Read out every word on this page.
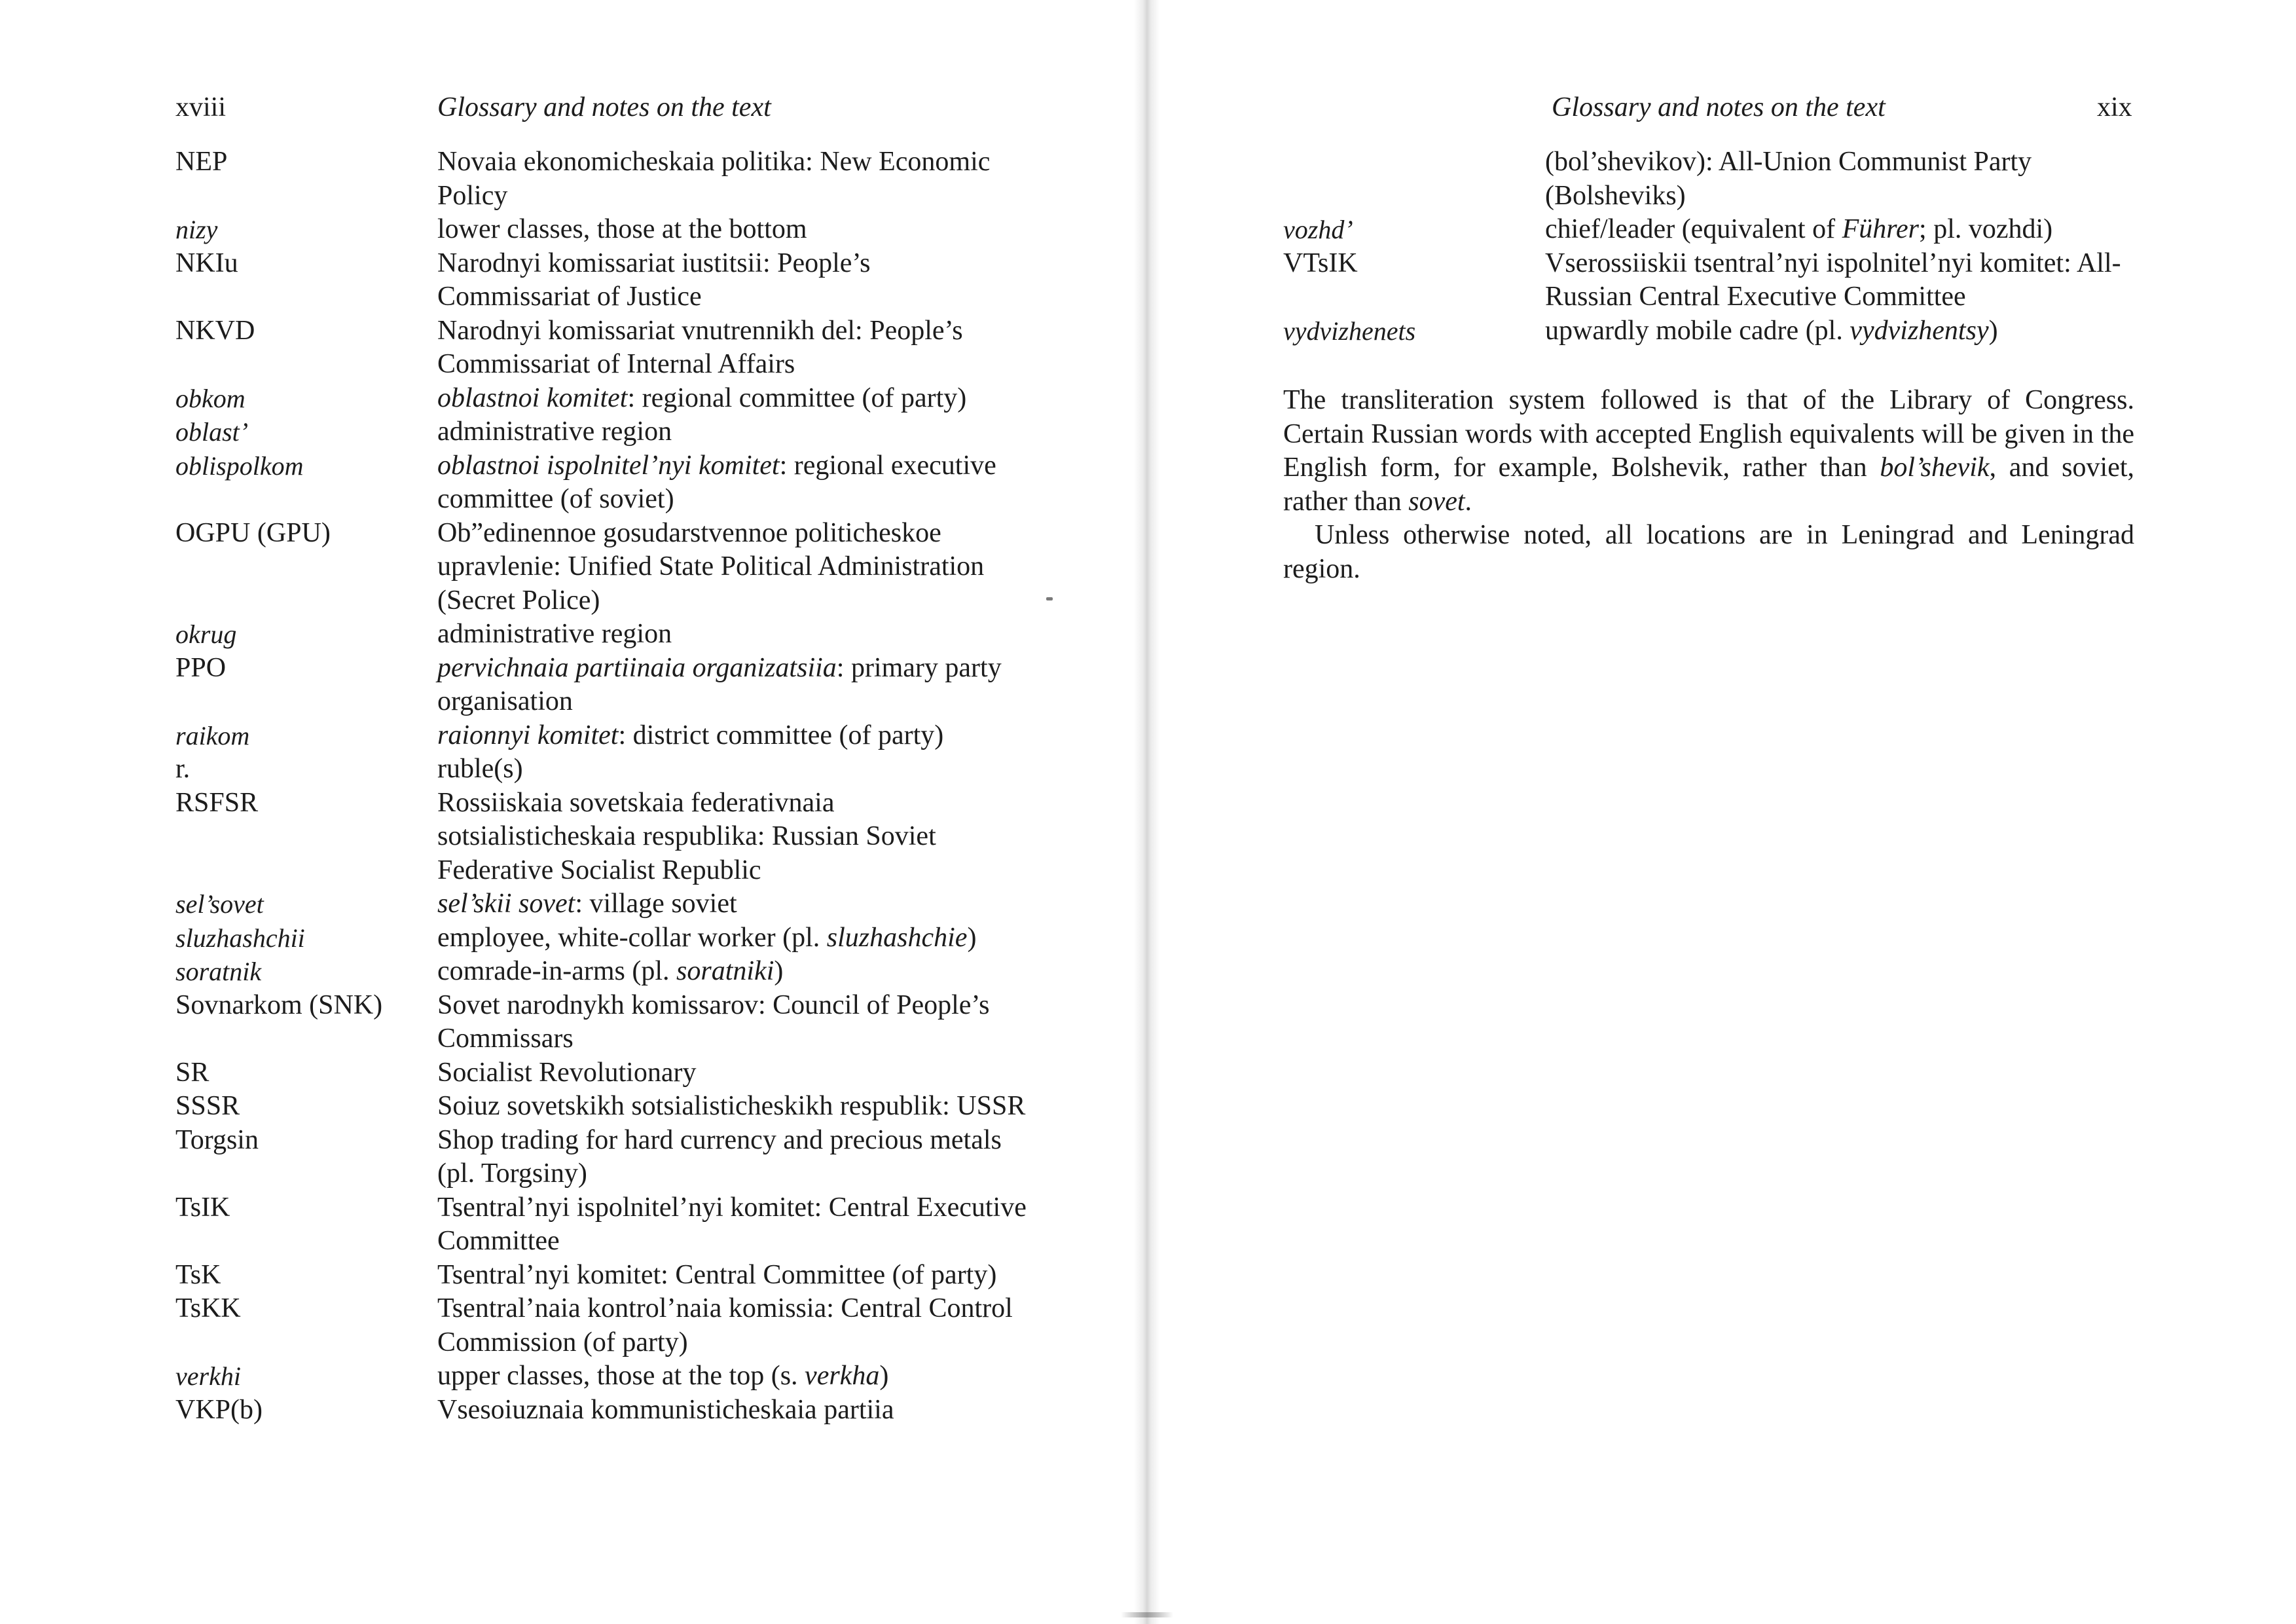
xviii	Glossary and notes on the text
NEP	Novaia ekonomicheskaia politika: New Economic Policy
nizy	lower classes, those at the bottom
NKIu	Narodnyi komissariat iustitsii: People’s Commissariat of Justice
NKVD	Narodnyi komissariat vnutrennikh del: People’s Commissariat of Internal Affairs
obkom	oblastnoi komitet: regional committee (of party)
oblast’	administrative region
oblispolkom	oblastnoi ispolnitel’nyi komitet: regional executive committee (of soviet)
OGPU (GPU)	Ob”edinennoe gosudarstvennoe politicheskoe upravlenie: Unified State Political Administration (Secret Police)
okrug	administrative region
PPO	pervichnaia partiinaia organizatsiia: primary party organisation
raikom	raionnyi komitet: district committee (of party)
r.	ruble(s)
RSFSR	Rossiiskaia sovetskaia federativnaia sotsialisticheskaia respublika: Russian Soviet Federative Socialist Republic
sel’sovet	sel’skii sovet: village soviet
sluzhashchii	employee, white-collar worker (pl. sluzhashchie)
soratnik	comrade-in-arms (pl. soratniki)
Sovnarkom (SNK)	Sovet narodnykh komissarov: Council of People’s Commissars
SR	Socialist Revolutionary
SSSR	Soiuz sovetskikh sotsialisticheskikh respublik: USSR
Torgsin	Shop trading for hard currency and precious metals (pl. Torgsiny)
TsIK	Tsentral’nyi ispolnitel’nyi komitet: Central Executive Committee
TsK	Tsentral’nyi komitet: Central Committee (of party)
TsKK	Tsentral’naia kontrol’naia komissia: Central Control Commission (of party)
verkhi	upper classes, those at the top (s. verkha)
VKP(b)	Vsesoiuznaia kommunisticheskaia partiia
Glossary and notes on the text	xix
(bol’shevikov): All-Union Communist Party (Bolsheviks)
vozhd’	chief/leader (equivalent of Führer; pl. vozhdi)
VTsIK	Vserossiiskii tsentral’nyi ispolnitel’nyi komitet: All-Russian Central Executive Committee
vydvizhenets	upwardly mobile cadre (pl. vydvizhentsy)

The transliteration system followed is that of the Library of Congress. Certain Russian words with accepted English equivalents will be given in the English form, for example, Bolshevik, rather than bol’shevik, and soviet, rather than sovet.

Unless otherwise noted, all locations are in Leningrad and Leningrad region.
